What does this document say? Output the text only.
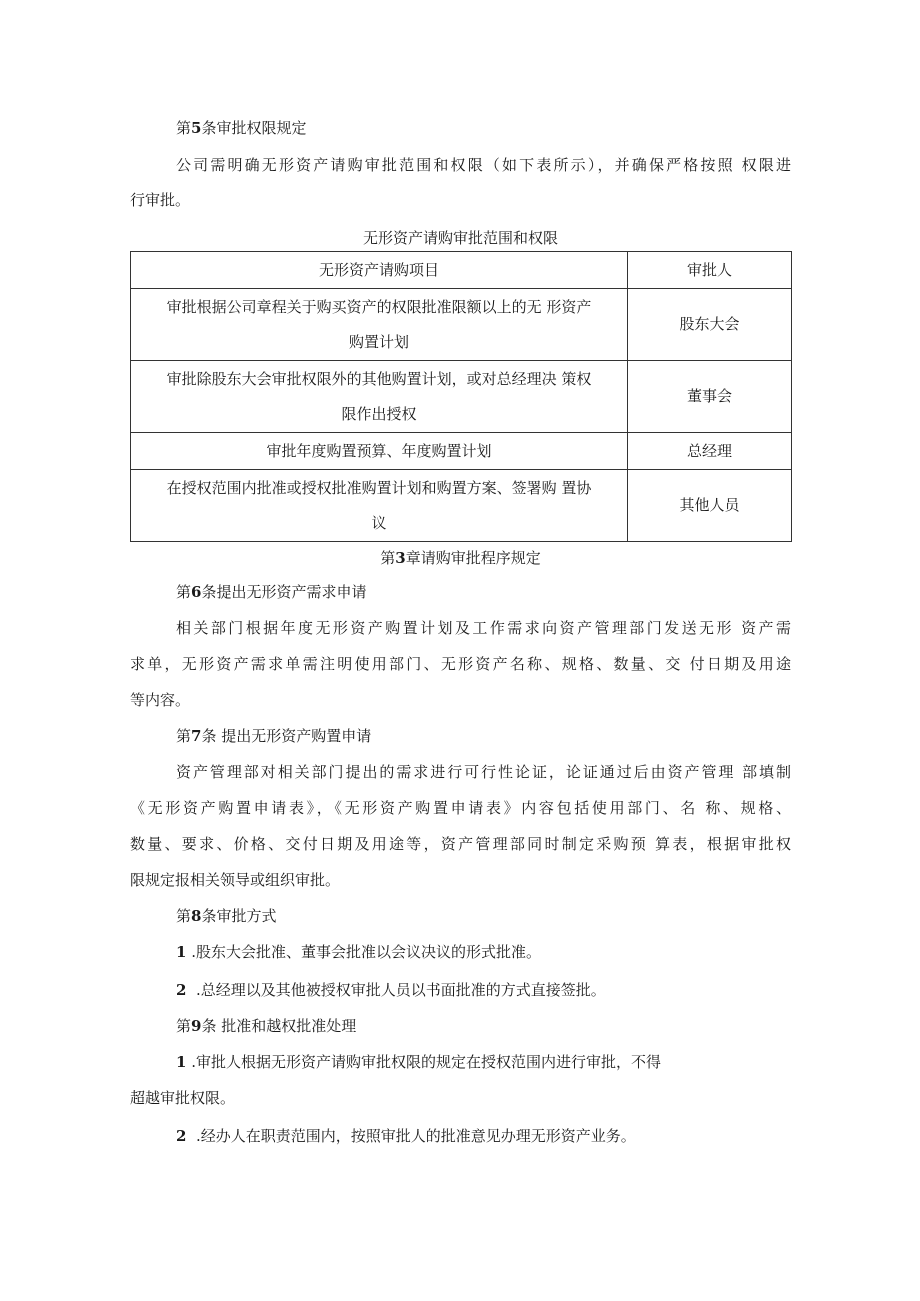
第5条审批权限规定
公司需明确无形资产请购审批范围和权限（如下表所示），并确保严格按照 权限进
行审批。
无形资产请购审批范围和权限
无形资产请购项目	审批人

审批根据公司章程关于购买资产的权限批准限额以上的无 形资产
购置计划	股东大会

审批除股东大会审批权限外的其他购置计划，或对总经理决 策权
限作出授权	董事会
审批年度购置预算、年度购置计划	总经理

在授权范围内批准或授权批准购置计划和购置方案、签署购 置协
议	其他人员
第3章请购审批程序规定
第6条提出无形资产需求申请
相关部门根据年度无形资产购置计划及工作需求向资产管理部门发送无形 资产需
求单，无形资产需求单需注明使用部门、无形资产名称、规格、数量、交 付日期及用途
等内容。
第7条 提出无形资产购置申请
资产管理部对相关部门提出的需求进行可行性论证，论证通过后由资产管理 部填制
《无形资产购置申请表》，《无形资产购置申请表》内容包括使用部门、名 称、规格、
数量、要求、价格、交付日期及用途等，资产管理部同时制定采购预 算表，根据审批权
限规定报相关领导或组织审批。
第8条审批方式
1 .股东大会批准、董事会批准以会议决议的形式批准。
2 .总经理以及其他被授权审批人员以书面批准的方式直接签批。
第9条 批准和越权批准处理
1 .审批人根据无形资产请购审批权限的规定在授权范围内进行审批，不得
超越审批权限。
2 .经办人在职责范围内，按照审批人的批准意见办理无形资产业务。
